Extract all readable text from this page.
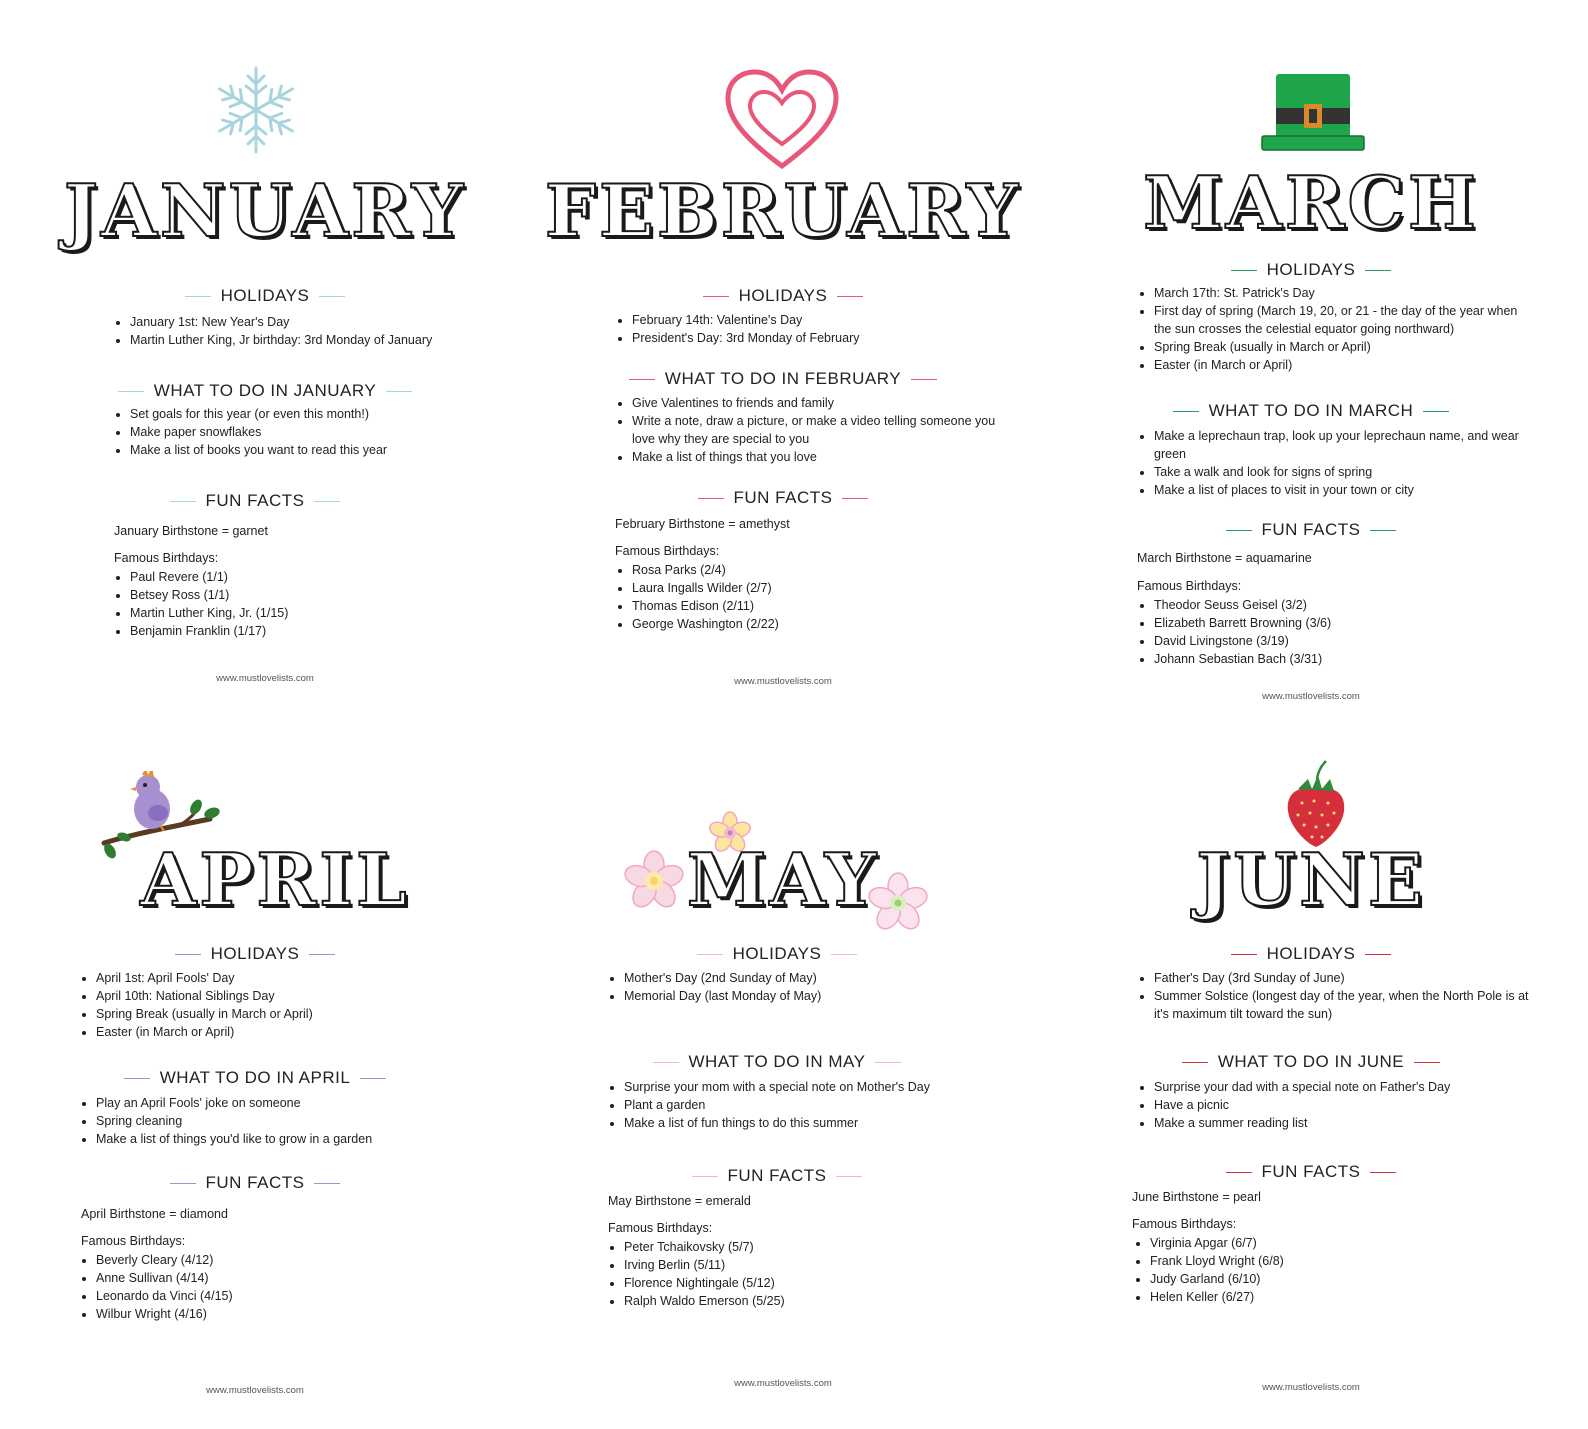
JANUARY
HOLIDAYS
• January 1st: New Year's Day
• Martin Luther King, Jr birthday: 3rd Monday of January
WHAT TO DO IN JANUARY
• Set goals for this year (or even this month!)
• Make paper snowflakes
• Make a list of books you want to read this year
FUN FACTS
January Birthstone = garnet
Famous Birthdays:
• Paul Revere (1/1)
• Betsey Ross (1/1)
• Martin Luther King, Jr. (1/15)
• Benjamin Franklin (1/17)
www.mustlovelists.com
FEBRUARY
HOLIDAYS
• February 14th: Valentine's Day
• President's Day: 3rd Monday of February
WHAT TO DO IN FEBRUARY
• Give Valentines to friends and family
• Write a note, draw a picture, or make a video telling someone you love why they are special to you
• Make a list of things that you love
FUN FACTS
February Birthstone = amethyst
Famous Birthdays:
• Rosa Parks (2/4)
• Laura Ingalls Wilder (2/7)
• Thomas Edison (2/11)
• George Washington (2/22)
www.mustlovelists.com
MARCH
HOLIDAYS
• March 17th: St. Patrick's Day
• First day of spring (March 19, 20, or 21 - the day of the year when the sun crosses the celestial equator going northward)
• Spring Break (usually in March or April)
• Easter (in March or April)
WHAT TO DO IN MARCH
• Make a leprechaun trap, look up your leprechaun name, and wear green
• Take a walk and look for signs of spring
• Make a list of places to visit in your town or city
FUN FACTS
March Birthstone = aquamarine
Famous Birthdays:
• Theodor Seuss Geisel (3/2)
• Elizabeth Barrett Browning (3/6)
• David Livingstone (3/19)
• Johann Sebastian Bach (3/31)
www.mustlovelists.com
APRIL
HOLIDAYS
• April 1st: April Fools' Day
• April 10th: National Siblings Day
• Spring Break (usually in March or April)
• Easter (in March or April)
WHAT TO DO IN APRIL
• Play an April Fools' joke on someone
• Spring cleaning
• Make a list of things you'd like to grow in a garden
FUN FACTS
April Birthstone = diamond
Famous Birthdays:
• Beverly Cleary (4/12)
• Anne Sullivan (4/14)
• Leonardo da Vinci (4/15)
• Wilbur Wright (4/16)
www.mustlovelists.com
MAY
HOLIDAYS
• Mother's Day (2nd Sunday of May)
• Memorial Day (last Monday of May)
WHAT TO DO IN MAY
• Surprise your mom with a special note on Mother's Day
• Plant a garden
• Make a list of fun things to do this summer
FUN FACTS
May Birthstone = emerald
Famous Birthdays:
• Peter Tchaikovsky (5/7)
• Irving Berlin (5/11)
• Florence Nightingale (5/12)
• Ralph Waldo Emerson (5/25)
www.mustlovelists.com
JUNE
HOLIDAYS
• Father's Day (3rd Sunday of June)
• Summer Solstice (longest day of the year, when the North Pole is at it's maximum tilt toward the sun)
WHAT TO DO IN JUNE
• Surprise your dad with a special note on Father's Day
• Have a picnic
• Make a summer reading list
FUN FACTS
June Birthstone = pearl
Famous Birthdays:
• Virginia Apgar (6/7)
• Frank Lloyd Wright (6/8)
• Judy Garland (6/10)
• Helen Keller (6/27)
www.mustlovelists.com
